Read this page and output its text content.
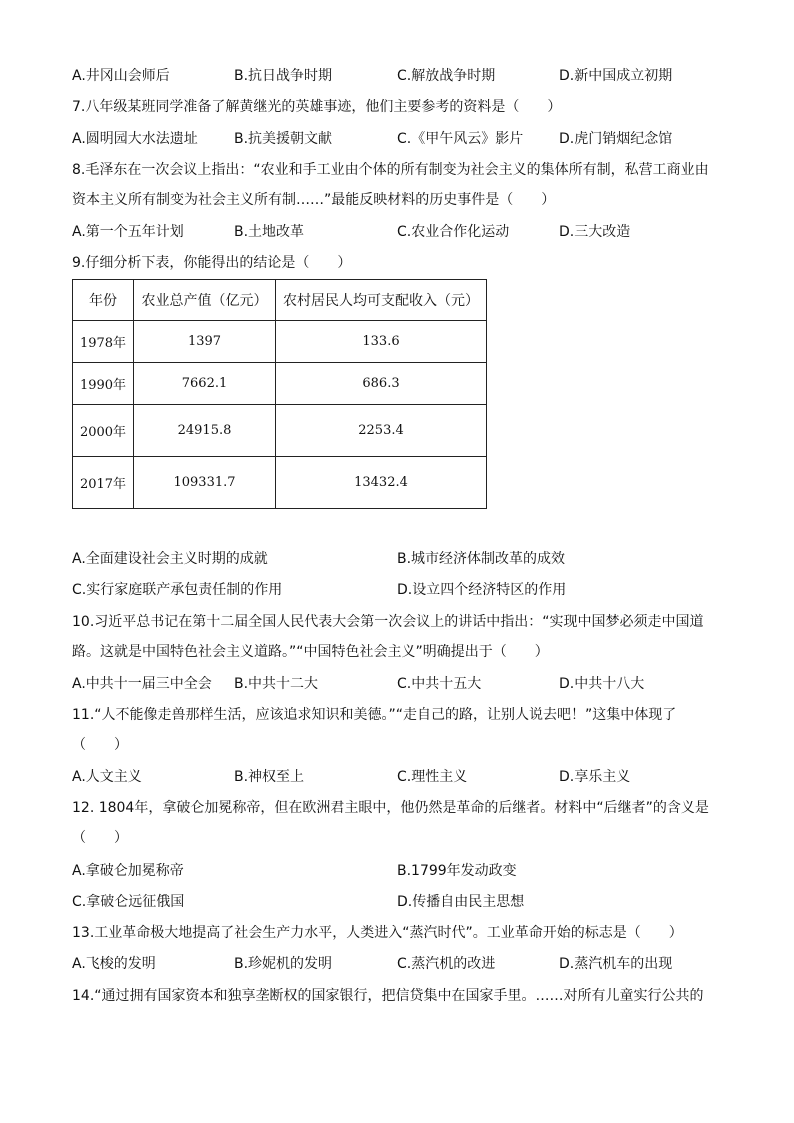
A.井冈山会师后	B.抗日战争时期	C.解放战争时期	D.新中国成立初期
7.八年级某班同学准备了解黄继光的英雄事迹，他们主要参考的资料是（　　）
A.圆明园大水法遗址	B.抗美援朝文献	C.《甲午风云》影片	D.虎门销烟纪念馆
8.毛泽东在一次会议上指出：“农业和手工业由个体的所有制变为社会主义的集体所有制，私营工商业由
资本主义所有制变为社会主义所有制……”最能反映材料的历史事件是（　　）
A.第一个五年计划	B.土地改革	C.农业合作化运动	D.三大改造
9.仔细分析下表，你能得出的结论是（　　）
年份	农业总产值（亿元）	农村居民人均可支配收入（元）
1978年	1397	133.6
1990年	7662.1	686.3
2000年	24915.8	2253.4
2017年	109331.7	13432.4
A.全面建设社会主义时期的成就	B.城市经济体制改革的成效
C.实行家庭联产承包责任制的作用	D.设立四个经济特区的作用
10.习近平总书记在第十二届全国人民代表大会第一次会议上的讲话中指出：“实现中国梦必须走中国道
路。这就是中国特色社会主义道路。”“中国特色社会主义”明确提出于（　　）
A.中共十一届三中全会 B.中共十二大	C.中共十五大	D.中共十八大
11.“人不能像走兽那样生活，应该追求知识和美德。”“走自己的路，让别人说去吧！”这集中体现了
（　　）
A.人文主义	B.神权至上	C.理性主义	D.享乐主义
12. 1804年，拿破仑加冕称帝，但在欧洲君主眼中，他仍然是革命的后继者。材料中“后继者”的含义是
（　　）
A.拿破仑加冕称帝	B.1799年发动政变
C.拿破仑远征俄国	D.传播自由民主思想
13.工业革命极大地提高了社会生产力水平，人类进入“蒸汽时代”。工业革命开始的标志是（　　）
A.飞梭的发明	B.珍妮机的发明	C.蒸汽机的改进	D.蒸汽机车的出现
14.“通过拥有国家资本和独享垄断权的国家银行，把信贷集中在国家手里。……对所有儿童实行公共的
